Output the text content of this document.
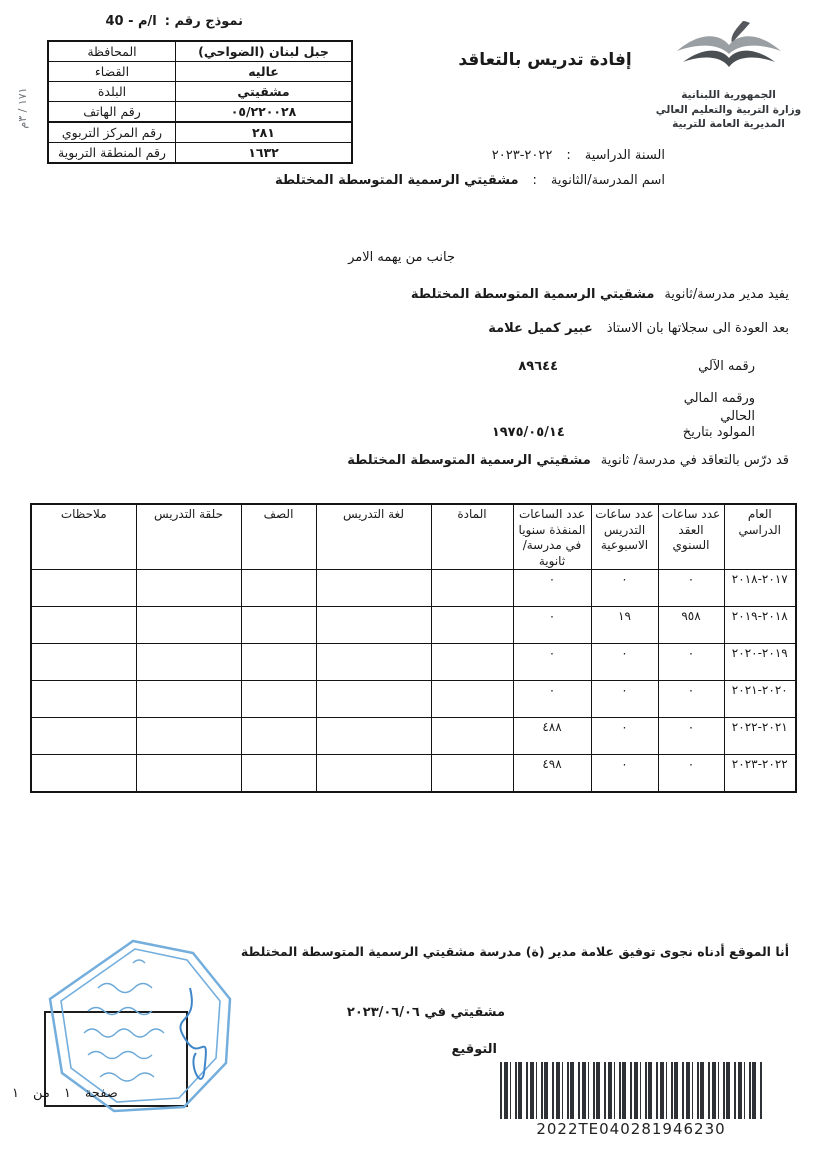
نموذج رقم :
ا/م - 40
١٧١ / ٣م
جبل لبنان (الضواحي)	المحافظة
عاليه	القضاء
مشقيتي	البلدة
٠٥/٢٢٠٠٢٨	رقم الهاتف
٢٨١	رقم المركز التربوي
١٦٣٢	رقم المنطقة التربوية
إفادة تدريس بالتعاقد
الجمهورية اللبنانية
وزارة التربية والتعليم العالي
المديرية العامة للتربية
السنة الدراسية
:
٢٠٢٢-٢٠٢٣
اسم المدرسة/الثانوية
:
مشقيتي الرسمية المتوسطة المختلطة
جانب من يهمه الامر
يفيد مدير مدرسة/ثانوية
مشقيتي الرسمية المتوسطة المختلطة
بعد العودة الى سجلاتها بان الاستاذ
عبير كميل علامة
رقمه الآلي
٨٩٦٤٤
ورقمه المالي الحالي
المولود بتاريخ
١٩٧٥/٠٥/١٤
قد درّس بالتعاقد في مدرسة/ ثانوية
مشقيتي الرسمية المتوسطة المختلطة
العام الدراسي	عدد ساعات العقد السنوي	عدد ساعات التدريس الاسبوعية	عدد الساعات المنفذة سنويا في مدرسة/ثانوية	المادة	لغة التدريس	الصف	حلقة التدريس	ملاحظات
٢٠١٧-٢٠١٨	٠	٠	٠					
٢٠١٨-٢٠١٩	٩٥٨	١٩	٠					
٢٠١٩-٢٠٢٠	٠	٠	٠					
٢٠٢٠-٢٠٢١	٠	٠	٠					
٢٠٢١-٢٠٢٢	٠	٠	٤٨٨					
٢٠٢٢-٢٠٢٣	٠	٠	٤٩٨					
أنا الموقع أدناه نجوى توفيق علامة مدير (ة) مدرسة مشقيتي الرسمية المتوسطة المختلطة
مشقيتي في ٢٠٢٣/٠٦/٠٦
التوقيع
2022TE040281946230
صفحة
١
من
١
